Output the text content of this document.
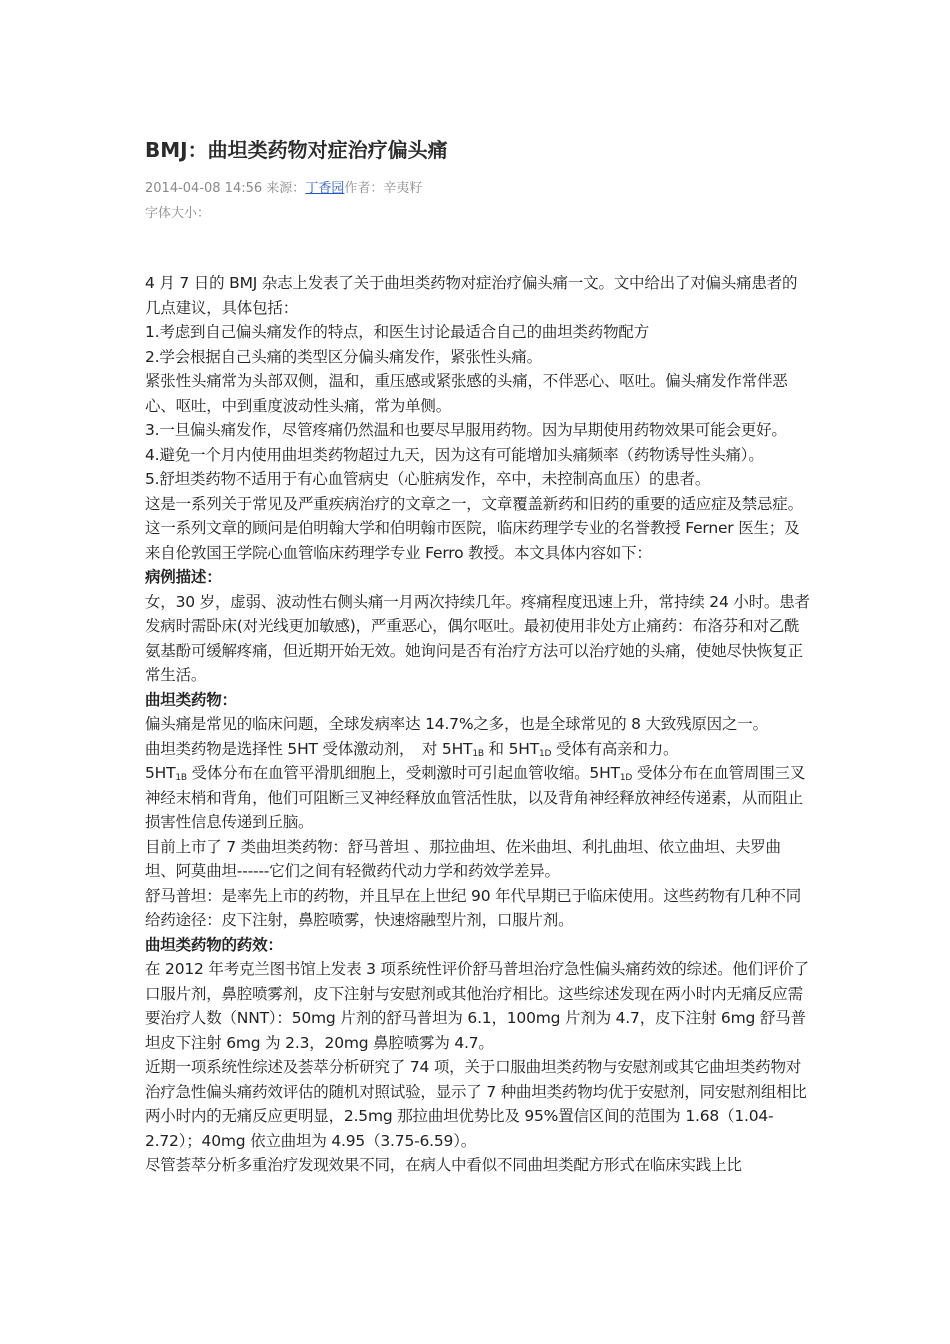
BMJ：曲坦类药物对症治疗偏头痛
2014-04-08 14:56 来源：丁香园作者：辛夷籽
字体大小：

4 月 7 日的 BMJ 杂志上发表了关于曲坦类药物对症治疗偏头痛一文。文中给出了对偏头痛患者的几点建议，具体包括：

1.考虑到自己偏头痛发作的特点，和医生讨论最适合自己的曲坦类药物配方

2.学会根据自己头痛的类型区分偏头痛发作，紧张性头痛。

紧张性头痛常为头部双侧，温和，重压感或紧张感的头痛，不伴恶心、呕吐。偏头痛发作常伴恶心、呕吐，中到重度波动性头痛，常为单侧。

3.一旦偏头痛发作，尽管疼痛仍然温和也要尽早服用药物。因为早期使用药物效果可能会更好。

4.避免一个月内使用曲坦类药物超过九天，因为这有可能增加头痛频率（药物诱导性头痛）。

5.舒坦类药物不适用于有心血管病史（心脏病发作，卒中，未控制高血压）的患者。

这是一系列关于常见及严重疾病治疗的文章之一，文章覆盖新药和旧药的重要的适应症及禁忌症。这一系列文章的顾问是伯明翰大学和伯明翰市医院，临床药理学专业的名誉教授 Ferner 医生；及来自伦敦国王学院心血管临床药理学专业 Ferro 教授。本文具体内容如下：

病例描述：

女，30 岁，虚弱、波动性右侧头痛一月两次持续几年。疼痛程度迅速上升，常持续 24 小时。患者发病时需卧床(对光线更加敏感)，严重恶心，偶尔呕吐。最初使用非处方止痛药：布洛芬和对乙酰氨基酚可缓解疼痛，但近期开始无效。她询问是否有治疗方法可以治疗她的头痛，使她尽快恢复正常生活。

曲坦类药物：

偏头痛是常见的临床问题，全球发病率达 14.7%之多，也是全球常见的 8 大致残原因之一。

曲坦类药物是选择性 5HT 受体激动剂，　对 $5HT_{1B}$ 和 $5HT_{1D}$ 受体有高亲和力。

$5HT_{1B}$ 受体分布在血管平滑肌细胞上，受刺激时可引起血管收缩。$5HT_{1D}$ 受体分布在血管周围三叉神经末梢和背角，他们可阻断三叉神经释放血管活性肽，以及背角神经释放神经传递素，从而阻止损害性信息传递到丘脑。

目前上市了 7 类曲坦类药物：舒马普坦 、那拉曲坦、佐米曲坦、利扎曲坦、依立曲坦、夫罗曲坦、阿莫曲坦------它们之间有轻微药代动力学和药效学差异。

舒马普坦：是率先上市的药物，并且早在上世纪 90 年代早期已于临床使用。这些药物有几种不同给药途径：皮下注射，鼻腔喷雾，快速熔融型片剂，口服片剂。

曲坦类药物的药效：

在 2012 年考克兰图书馆上发表 3 项系统性评价舒马普坦治疗急性偏头痛药效的综述。他们评价了口服片剂，鼻腔喷雾剂，皮下注射与安慰剂或其他治疗相比。这些综述发现在两小时内无痛反应需要治疗人数（NNT）：50mg 片剂的舒马普坦为 6.1，100mg 片剂为 4.7，皮下注射 6mg 舒马普坦皮下注射 6mg 为 2.3，20mg 鼻腔喷雾为 4.7。

近期一项系统性综述及荟萃分析研究了 74 项，关于口服曲坦类药物与安慰剂或其它曲坦类药物对治疗急性偏头痛药效评估的随机对照试验，显示了 7 种曲坦类药物均优于安慰剂，同安慰剂组相比两小时内的无痛反应更明显，2.5mg 那拉曲坦优势比及 95%置信区间的范围为 1.68（1.04-2.72）；40mg 依立曲坦为 4.95（3.75-6.59）。

尽管荟萃分析多重治疗发现效果不同，在病人中看似不同曲坦类配方形式在临床实践上比
